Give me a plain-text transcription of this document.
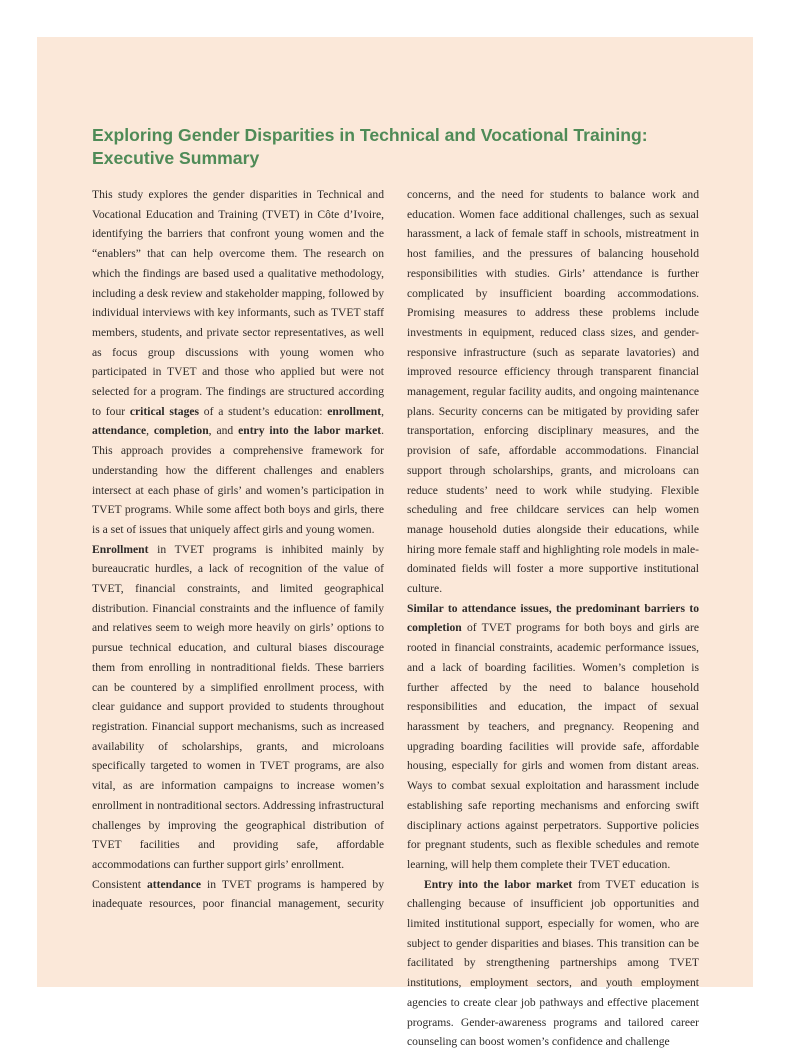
Exploring Gender Disparities in Technical and Vocational Training:
Executive Summary

This study explores the gender disparities in Technical and Vocational Education and Training (TVET) in Côte d’Ivoire, identifying the barriers that confront young women and the “enablers” that can help overcome them. The research on which the findings are based used a qualitative methodology, including a desk review and stakeholder mapping, followed by individual interviews with key informants, such as TVET staff members, students, and private sector representatives, as well as focus group discussions with young women who participated in TVET and those who applied but were not selected for a program. The findings are structured according to four critical stages of a student’s education: enrollment, attendance, completion, and entry into the labor market. This approach provides a comprehensive framework for understanding how the different challenges and enablers intersect at each phase of girls’ and women’s participation in TVET programs. While some affect both boys and girls, there is a set of issues that uniquely affect girls and young women.

Enrollment in TVET programs is inhibited mainly by bureaucratic hurdles, a lack of recognition of the value of TVET, financial constraints, and limited geographical distribution. Financial constraints and the influence of family and relatives seem to weigh more heavily on girls’ options to pursue technical education, and cultural biases discourage them from enrolling in nontraditional fields. These barriers can be countered by a simplified enrollment process, with clear guidance and support provided to students throughout registration. Financial support mechanisms, such as increased availability of scholarships, grants, and microloans specifically targeted to women in TVET programs, are also vital, as are information campaigns to increase women’s enrollment in nontraditional sectors. Addressing infrastructural challenges by improving the geographical distribution of TVET facilities and providing safe, affordable accommodations can further support girls’ enrollment.

Consistent attendance in TVET programs is hampered by inadequate resources, poor financial management, security

concerns, and the need for students to balance work and education. Women face additional challenges, such as sexual harassment, a lack of female staff in schools, mistreatment in host families, and the pressures of balancing household responsibilities with studies. Girls’ attendance is further complicated by insufficient boarding accommodations. Promising measures to address these problems include investments in equipment, reduced class sizes, and gender-responsive infrastructure (such as separate lavatories) and improved resource efficiency through transparent financial management, regular facility audits, and ongoing maintenance plans. Security concerns can be mitigated by providing safer transportation, enforcing disciplinary measures, and the provision of safe, affordable accommodations. Financial support through scholarships, grants, and microloans can reduce students’ need to work while studying. Flexible scheduling and free childcare services can help women manage household duties alongside their educations, while hiring more female staff and highlighting role models in male-dominated fields will foster a more supportive institutional culture.

Similar to attendance issues, the predominant barriers to completion of TVET programs for both boys and girls are rooted in financial constraints, academic performance issues, and a lack of boarding facilities. Women’s completion is further affected by the need to balance household responsibilities and education, the impact of sexual harassment by teachers, and pregnancy. Reopening and upgrading boarding facilities will provide safe, affordable housing, especially for girls and women from distant areas. Ways to combat sexual exploitation and harassment include establishing safe reporting mechanisms and enforcing swift disciplinary actions against perpetrators. Supportive policies for pregnant students, such as flexible schedules and remote learning, will help them complete their TVET education.

Entry into the labor market from TVET education is challenging because of insufficient job opportunities and limited institutional support, especially for women, who are subject to gender disparities and biases. This transition can be facilitated by strengthening partnerships among TVET institutions, employment sectors, and youth employment agencies to create clear job pathways and effective placement programs. Gender-awareness programs and tailored career counseling can boost women’s confidence and challenge
